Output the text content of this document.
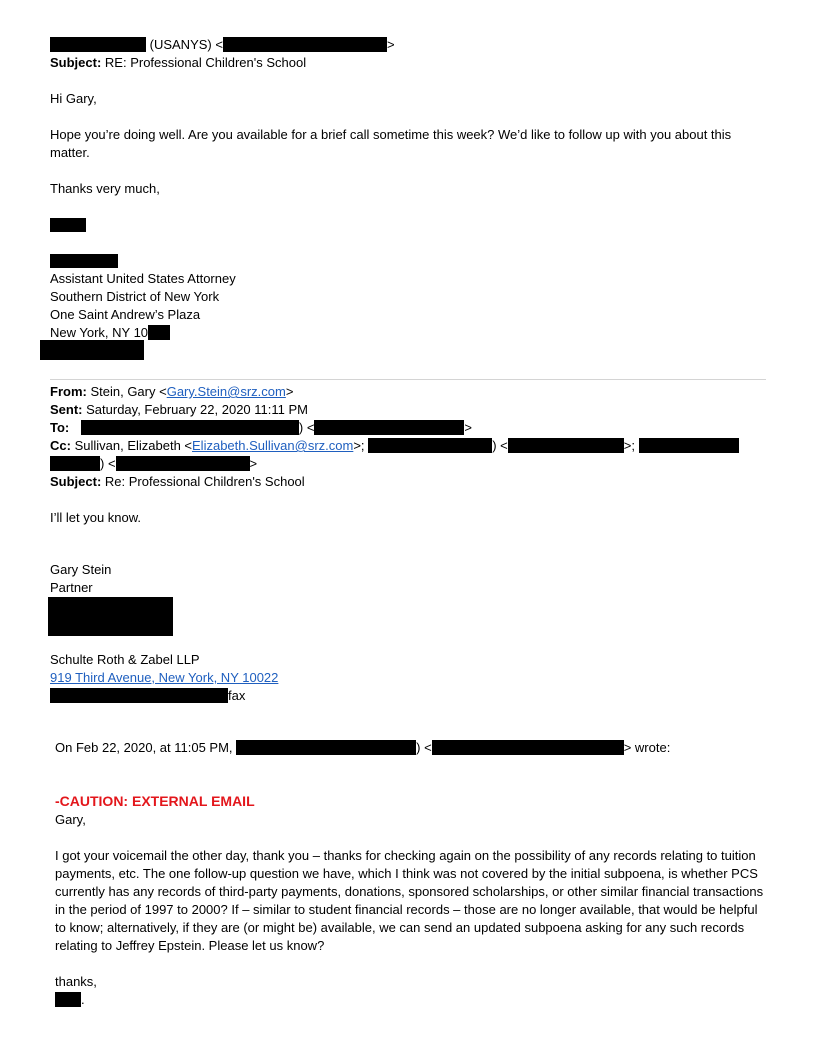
(USANYS) <	>
Subject: RE: Professional Children's School
Hi Gary,
Hope you’re doing well. Are you available for a brief call sometime this week? We’d like to follow up with you about this matter.
Thanks very much,
Assistant United States Attorney
Southern District of New York
One Saint Andrew’s Plaza
New York, NY 10
From: Stein, Gary <Gary.Stein@srz.com>
Sent: Saturday, February 22, 2020 11:11 PM
To:	) <	>
Cc: Sullivan, Elizabeth <Elizabeth.Sullivan@srz.com>;	) <	>;
) <	>
Subject: Re: Professional Children's School
I’ll let you know.
Gary Stein
Partner
Schulte Roth & Zabel LLP
919 Third Avenue, New York, NY 10022
fax
On Feb 22, 2020, at 11:05 PM,	) <	> wrote:
-CAUTION: EXTERNAL EMAIL
Gary,
I got your voicemail the other day, thank you – thanks for checking again on the possibility of any records relating to tuition payments, etc. The one follow-up question we have, which I think was not covered by the initial subpoena, is whether PCS currently has any records of third-party payments, donations, sponsored scholarships, or other similar financial transactions in the period of 1997 to 2000? If – similar to student financial records – those are no longer available, that would be helpful to know; alternatively, if they are (or might be) available, we can send an updated subpoena asking for any such records relating to Jeffrey Epstein. Please let us know?
thanks,
.
